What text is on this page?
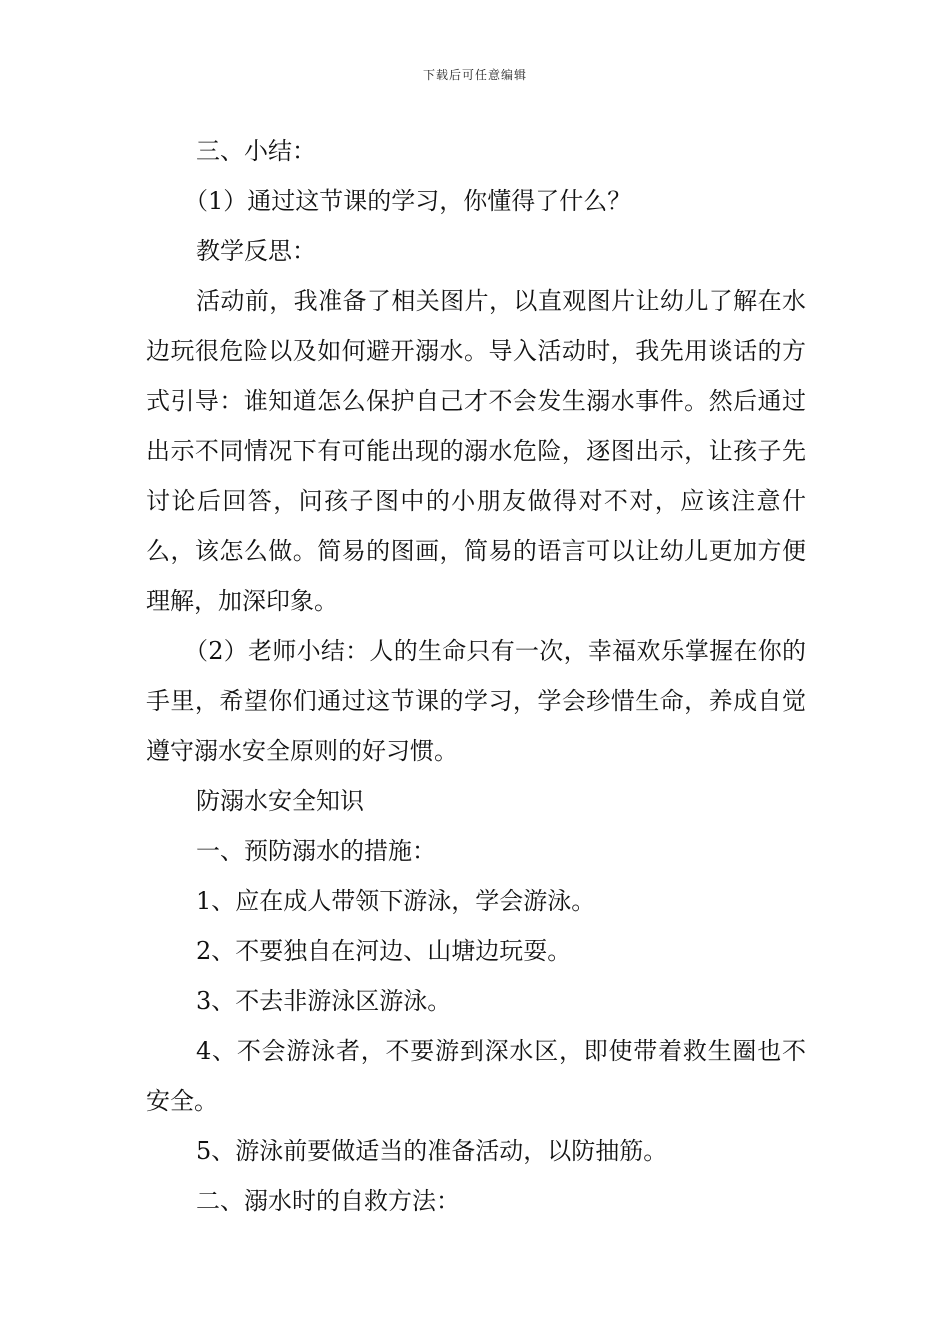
下载后可任意编辑

三、小结：

（1）通过这节课的学习，你懂得了什么？

教学反思：

活动前，我准备了相关图片，以直观图片让幼儿了解在水边玩很危险以及如何避开溺水。导入活动时，我先用谈话的方式引导：谁知道怎么保护自己才不会发生溺水事件。然后通过出示不同情况下有可能出现的溺水危险，逐图出示，让孩子先讨论后回答，问孩子图中的小朋友做得对不对，应该注意什么，该怎么做。简易的图画，简易的语言可以让幼儿更加方便理解，加深印象。

（2）老师小结：人的生命只有一次，幸福欢乐掌握在你的手里，希望你们通过这节课的学习，学会珍惜生命，养成自觉遵守溺水安全原则的好习惯。

防溺水安全知识

一、预防溺水的措施：

1、应在成人带领下游泳，学会游泳。

2、不要独自在河边、山塘边玩耍。

3、不去非游泳区游泳。

4、不会游泳者，不要游到深水区，即使带着救生圈也不安全。

5、游泳前要做适当的准备活动，以防抽筋。

二、溺水时的自救方法：
